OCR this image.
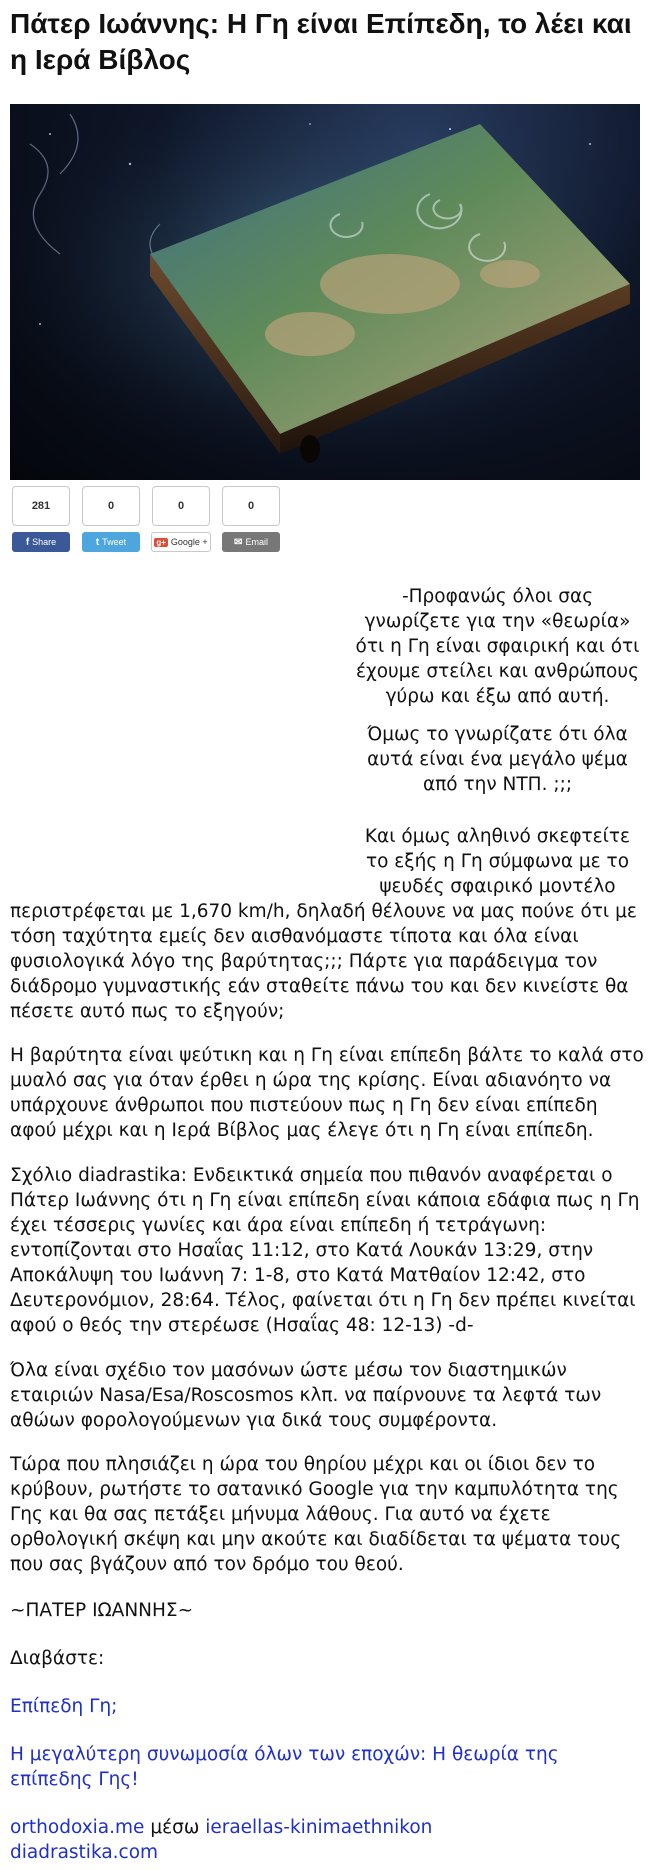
Πάτερ Ιωάννης: Η Γη είναι Επίπεδη, το λέει και η Ιερά Βίβλος
281
f Share
0
t Tweet
0
g+ Google +
0
✉ Email
-Προφανώς όλοι σας
γνωρίζετε για την «θεωρία»
ότι η Γη είναι σφαιρική και ότι
έχουμε στείλει και ανθρώπους
γύρω και έξω από αυτή.
Όμως το γνωρίζατε ότι όλα
αυτά είναι ένα μεγάλο ψέμα
από την ΝΤΠ. ;;;
Και όμως αληθινό σκεφτείτε
το εξής η Γη σύμφωνα με το
ψευδές σφαιρικό μοντέλο
περιστρέφεται με 1,670 km/h, δηλαδή θέλουνε να μας πούνε ότι με
τόση ταχύτητα εμείς δεν αισθανόμαστε τίποτα και όλα είναι
φυσιολογικά λόγο της βαρύτητας;;; Πάρτε για παράδειγμα τον
διάδρομο γυμναστικής εάν σταθείτε πάνω του και δεν κινείστε θα
πέσετε αυτό πως το εξηγούν;
Η βαρύτητα είναι ψεύτικη και η Γη είναι επίπεδη βάλτε το καλά στο
μυαλό σας για όταν έρθει η ώρα της κρίσης. Είναι αδιανόητο να
υπάρχουνε άνθρωποι που πιστεύουν πως η Γη δεν είναι επίπεδη
αφού μέχρι και η Ιερά Βίβλος μας έλεγε ότι η Γη είναι επίπεδη.
Σχόλιο diadrastika: Ενδεικτικά σημεία που πιθανόν αναφέρεται ο
Πάτερ Ιωάννης ότι η Γη είναι επίπεδη είναι κάποια εδάφια πως η Γη
έχει τέσσερις γωνίες και άρα είναι επίπεδη ή τετράγωνη:
εντοπίζονται στο Ησαΐας 11:12, στο Κατά Λουκάν 13:29, στην
Αποκάλυψη του Ιωάννη 7: 1-8, στο Κατά Ματθαίον 12:42, στο
Δευτερονόμιον, 28:64. Τέλος, φαίνεται ότι η Γη δεν πρέπει κινείται
αφού ο θεός την στερέωσε (Ησαΐας 48: 12-13) -d-
Όλα είναι σχέδιο τον μασόνων ώστε μέσω τον διαστημικών
εταιριών Nasa/Esa/Roscosmos κλπ. να παίρνουνε τα λεφτά των
αθώων φορολογούμενων για δικά τους συμφέροντα.
Τώρα που πλησιάζει η ώρα του θηρίου μέχρι και οι ίδιοι δεν το
κρύβουν, ρωτήστε το σατανικό Google για την καμπυλότητα της
Γης και θα σας πετάξει μήνυμα λάθους. Για αυτό να έχετε
ορθολογική σκέψη και μην ακούτε και διαδίδεται τα ψέματα τους
που σας βγάζουν από τον δρόμο του θεού.
~ΠΑΤΕΡ ΙΩΑΝΝΗΣ~
Διαβάστε:
Επίπεδη Γη;
Η μεγαλύτερη συνωμοσία όλων των εποχών: Η θεωρία της
επίπεδης Γης!
orthodoxia.me μέσω ieraellas-kinimaethnikon
diadrastika.com
